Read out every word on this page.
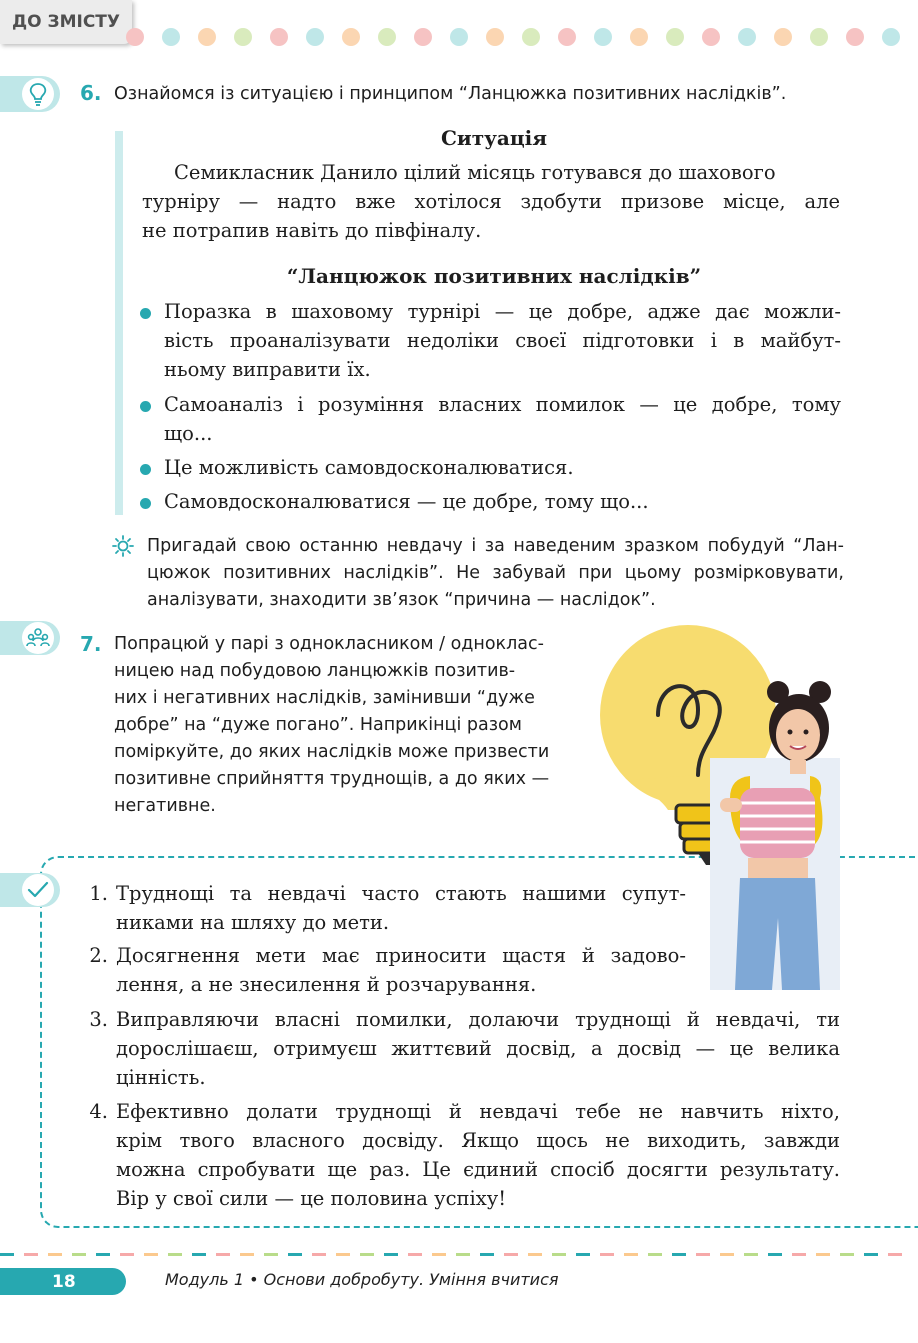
ДО ЗМІСТУ
6. Ознайомся із ситуацією і принципом “Ланцюжка позитивних наслідків”.
Ситуація
Семикласник Данило цілий місяць готувався до шахового
турніру — надто вже хотілося здобути призове місце, але
не потрапив навіть до півфіналу.
“Ланцюжок позитивних наслідків”
Поразка в шаховому турнірі — це добре, адже дає можли-
вість проаналізувати недоліки своєї підготовки і в майбут-
ньому виправити їх.
Самоаналіз і розуміння власних помилок — це добре, тому
що...
Це можливість самовдосконалюватися.
Самовдосконалюватися — це добре, тому що...
Пригадай свою останню невдачу і за наведеним зразком побудуй “Лан-
цюжок позитивних наслідків”. Не забувай при цьому розмірковувати,
аналізувати, знаходити зв’язок “причина — наслідок”.
7. Попрацюй у парі з однокласником / однoклас-
ницею над побудовою ланцюжків позитив-
них і негативних наслідків, замінивши “дуже
добре” на “дуже погано”. Наприкінці разом
поміркуйте, до яких наслідків може призвести
позитивне сприйняття труднощів, а до яких —
негативне.
1. Труднощі та невдачі часто стають нашими супут-
никами на шляху до мети.
2. Досягнення мети має приносити щастя й задово-
лення, а не знесилення й розчарування.
3. Виправляючи власні помилки, долаючи труднощі й невдачі, ти
дорослішаєш, отримуєш життєвий досвід, а досвід — це велика
цінність.
4. Ефективно долати труднощі й невдачі тебе не навчить ніхто,
крім твого власного досвіду. Якщо щось не виходить, завжди
можна спробувати ще раз. Це єдиний спосіб досягти результату.
Вір у свої сили — це половина успіху!
18	Модуль 1 • Основи добробуту. Уміння вчитися
